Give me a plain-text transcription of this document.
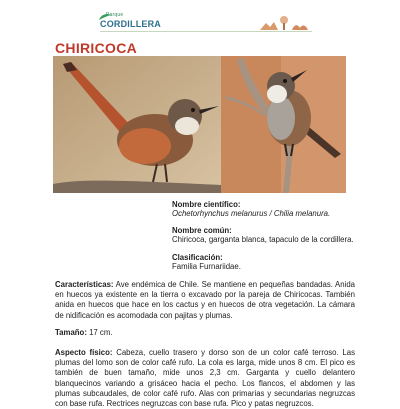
Parque
CORDILLERA
CHIRICOCA
Nombre científico:
Ochetorhynchus melanurus / Chilia melanura.
Nombre común:
Chiricoca, garganta blanca, tapaculo de la cordillera.
Clasificación:
Familia Furnariidae.
Características: Ave endémica de Chile. Se mantiene en pequeñas bandadas. Anida en huecos ya existente en la tierra o excavado por la pareja de Chiricocas. También anida en huecos que hace en los cactus y en huecos de otra vegetación. La cámara de nidificación es acomodada con pajitas y plumas.
Tamaño: 17 cm.
Aspecto físico: Cabeza, cuello trasero y dorso son de un color café terroso. Las plumas del lomo son de color café rufo. La cola es larga, mide unos 8 cm. El pico es también de buen tamaño, mide unos 2,3 cm. Garganta y cuello delantero blanquecinos variando a grisáceo hacia el pecho. Los flancos, el abdomen y las plumas subcaudales, de color café rufo. Alas con primarias y secundarias negruzcas con base rufa. Rectrices negruzcas con base rufa. Pico y patas negruzcos.
